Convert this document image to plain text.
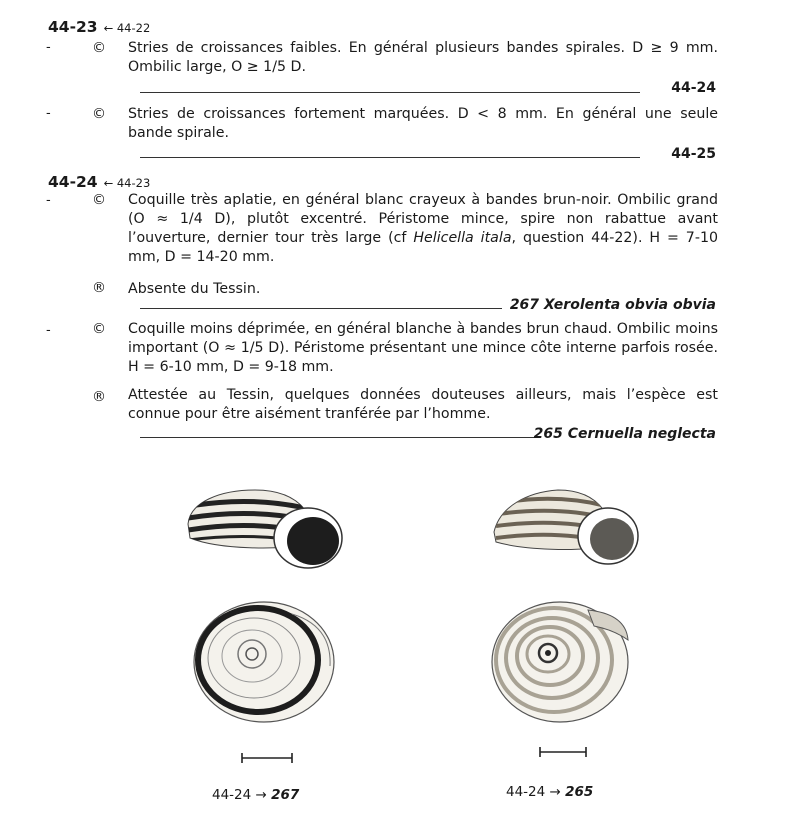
44-23 ← 44-22
-	© Stries de croissances faibles. En général plusieurs bandes spirales. D ≥ 9 mm. Ombilic large, O ≥ 1/5 D.
44-24
-	© Stries de croissances fortement marquées. D < 8 mm. En général une seule bande spirale.
44-25
44-24 ← 44-23
-	© Coquille très aplatie, en général blanc crayeux à bandes brun-noir. Ombilic grand (O ≈ 1/4 D), plutôt excentré. Péristome mince, spire non rabattue avant l’ouverture, dernier tour très large (cf Helicella itala, question 44-22). H = 7-10 mm, D = 14-20 mm.
® Absente du Tessin.
267 Xerolenta obvia obvia
-	© Coquille moins déprimée, en général blanche à bandes brun chaud. Ombilic moins important (O ≈ 1/5 D). Péristome présentant une mince côte interne parfois rosée. H = 6-10 mm, D = 9-18 mm.
® Attestée au Tessin, quelques données douteuses ailleurs, mais l’espèce est connue pour être aisément tranférée par l’homme.
265 Cernuella neglecta
44-24 → 267	44-24 → 265
